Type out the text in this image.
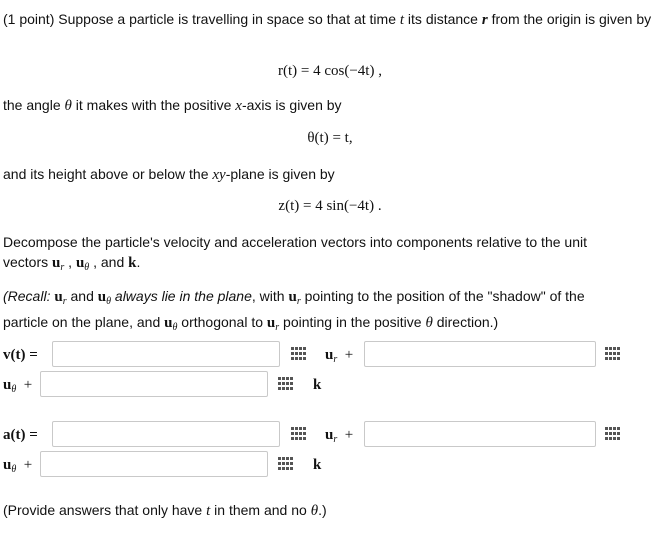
(1 point) Suppose a particle is travelling in space so that at time t its distance r from the origin is given by
r(t) = 4 cos(−4t) ,
the angle θ it makes with the positive x-axis is given by
θ(t) = t,
and its height above or below the xy-plane is given by
z(t) = 4 sin(−4t) .
Decompose the particle's velocity and acceleration vectors into components relative to the unit
vectors $u_r$ , $u_\theta$ , and k.
(Recall: $u_r$ and $u_\theta$ always lie in the plane, with $u_r$ pointing to the position of the "shadow" of the
particle on the plane, and $u_\theta$ orthogonal to $u_r$ pointing in the positive θ direction.)
v(t) =	$u_r$ +
$u_\theta$ +	k
a(t) =	$u_r$ +
$u_\theta$ +	k
(Provide answers that only have t in them and no θ.)
